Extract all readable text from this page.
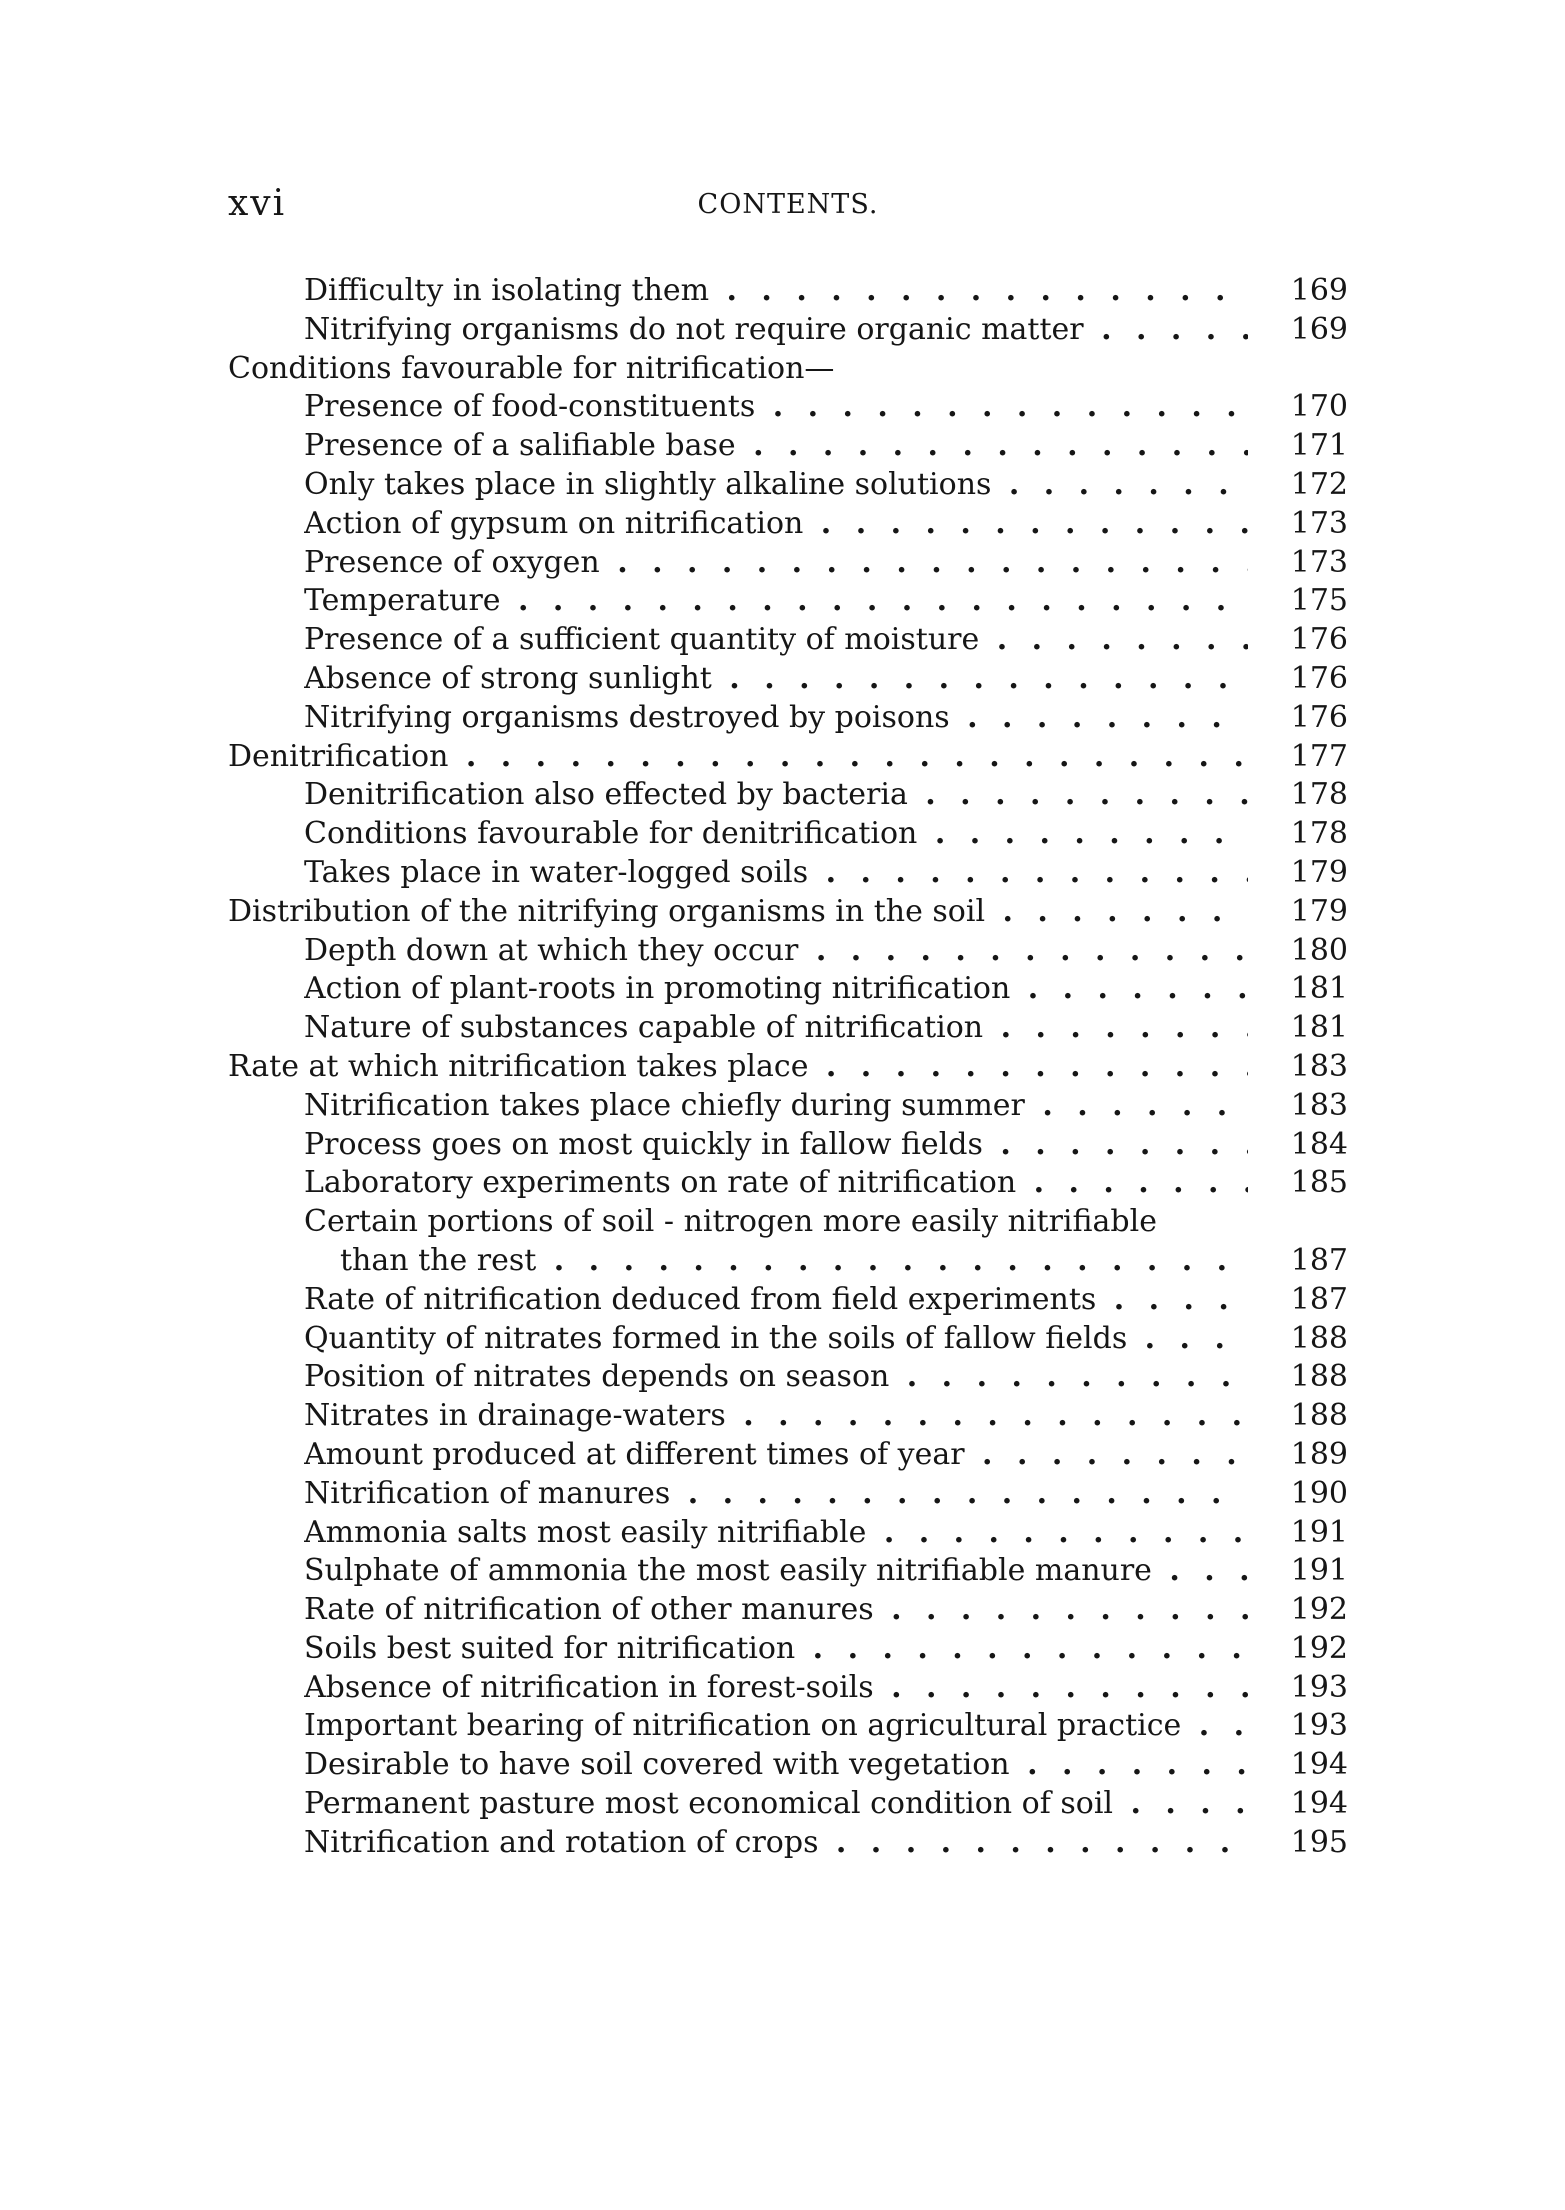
xvi	CONTENTS.
Difficulty in isolating them . .	169
Nitrifying organisms do not require organic matter . .	169
Conditions favourable for nitrification—
Presence of food-constituents . .	170
Presence of a salifiable base . .	171
Only takes place in slightly alkaline solutions . .	172
Action of gypsum on nitrification . .	173
Presence of oxygen . .	173
Temperature . .	175
Presence of a sufficient quantity of moisture . .	176
Absence of strong sunlight . .	176
Nitrifying organisms destroyed by poisons . .	176
Denitrification . .	177
Denitrification also effected by bacteria . .	178
Conditions favourable for denitrification . .	178
Takes place in water-logged soils . .	179
Distribution of the nitrifying organisms in the soil . .	179
Depth down at which they occur . .	180
Action of plant-roots in promoting nitrification . .	181
Nature of substances capable of nitrification . .	181
Rate at which nitrification takes place . .	183
Nitrification takes place chiefly during summer . .	183
Process goes on most quickly in fallow fields . .	184
Laboratory experiments on rate of nitrification . .	185
Certain portions of soil - nitrogen more easily nitrifiable
than the rest . .	187
Rate of nitrification deduced from field experiments . .	187
Quantity of nitrates formed in the soils of fallow fields . .	188
Position of nitrates depends on season . .	188
Nitrates in drainage-waters . .	188
Amount produced at different times of year . .	189
Nitrification of manures . .	190
Ammonia salts most easily nitrifiable . .	191
Sulphate of ammonia the most easily nitrifiable manure . .	191
Rate of nitrification of other manures . .	192
Soils best suited for nitrification . .	192
Absence of nitrification in forest-soils . .	193
Important bearing of nitrification on agricultural practice . .	193
Desirable to have soil covered with vegetation . .	194
Permanent pasture most economical condition of soil . .	194
Nitrification and rotation of crops . .	195
